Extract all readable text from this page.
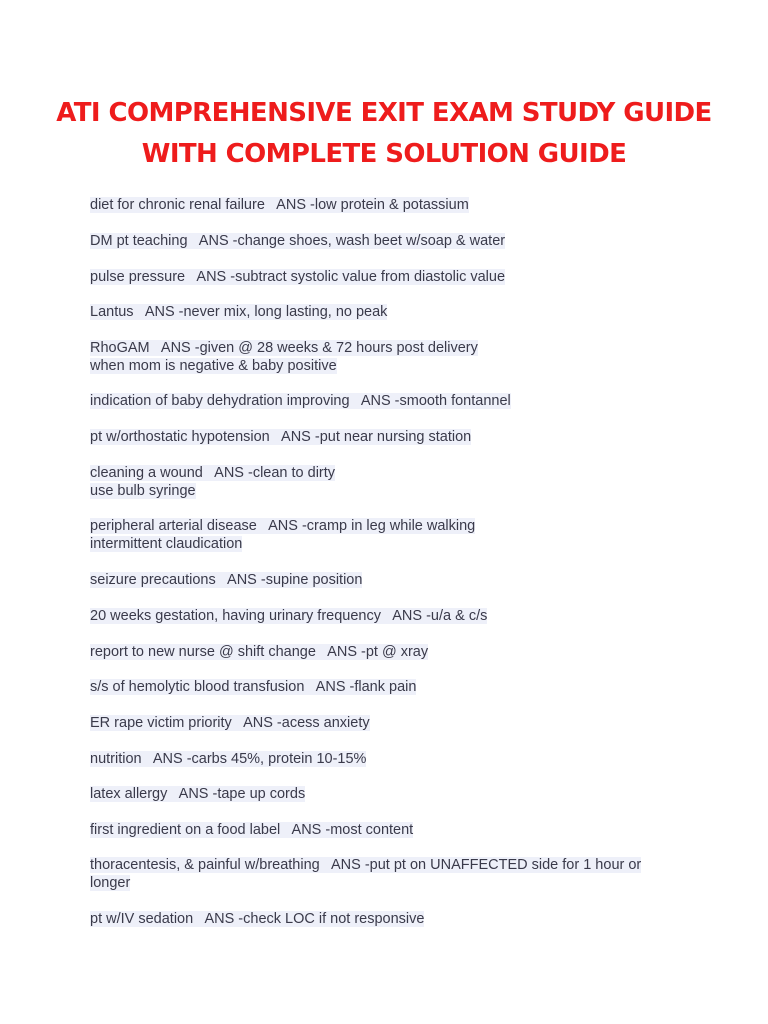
ATI COMPREHENSIVE EXIT EXAM STUDY GUIDE
WITH COMPLETE SOLUTION GUIDE
diet for chronic renal failure   ANS -low protein & potassium
DM pt teaching   ANS -change shoes, wash beet w/soap & water
pulse pressure   ANS -subtract systolic value from diastolic value
Lantus   ANS -never mix, long lasting, no peak
RhoGAM   ANS -given @ 28 weeks & 72 hours post delivery
when mom is negative & baby positive
indication of baby dehydration improving   ANS -smooth fontannel
pt w/orthostatic hypotension   ANS -put near nursing station
cleaning a wound   ANS -clean to dirty
use bulb syringe
peripheral arterial disease   ANS -cramp in leg while walking
intermittent claudication
seizure precautions   ANS -supine position
20 weeks gestation, having urinary frequency   ANS -u/a & c/s
report to new nurse @ shift change   ANS -pt @ xray
s/s of hemolytic blood transfusion   ANS -flank pain
ER rape victim priority   ANS -acess anxiety
nutrition   ANS -carbs 45%, protein 10-15%
latex allergy   ANS -tape up cords
first ingredient on a food label   ANS -most content
thoracentesis, & painful w/breathing   ANS -put pt on UNAFFECTED side for 1 hour or
longer
pt w/IV sedation   ANS -check LOC if not responsive
